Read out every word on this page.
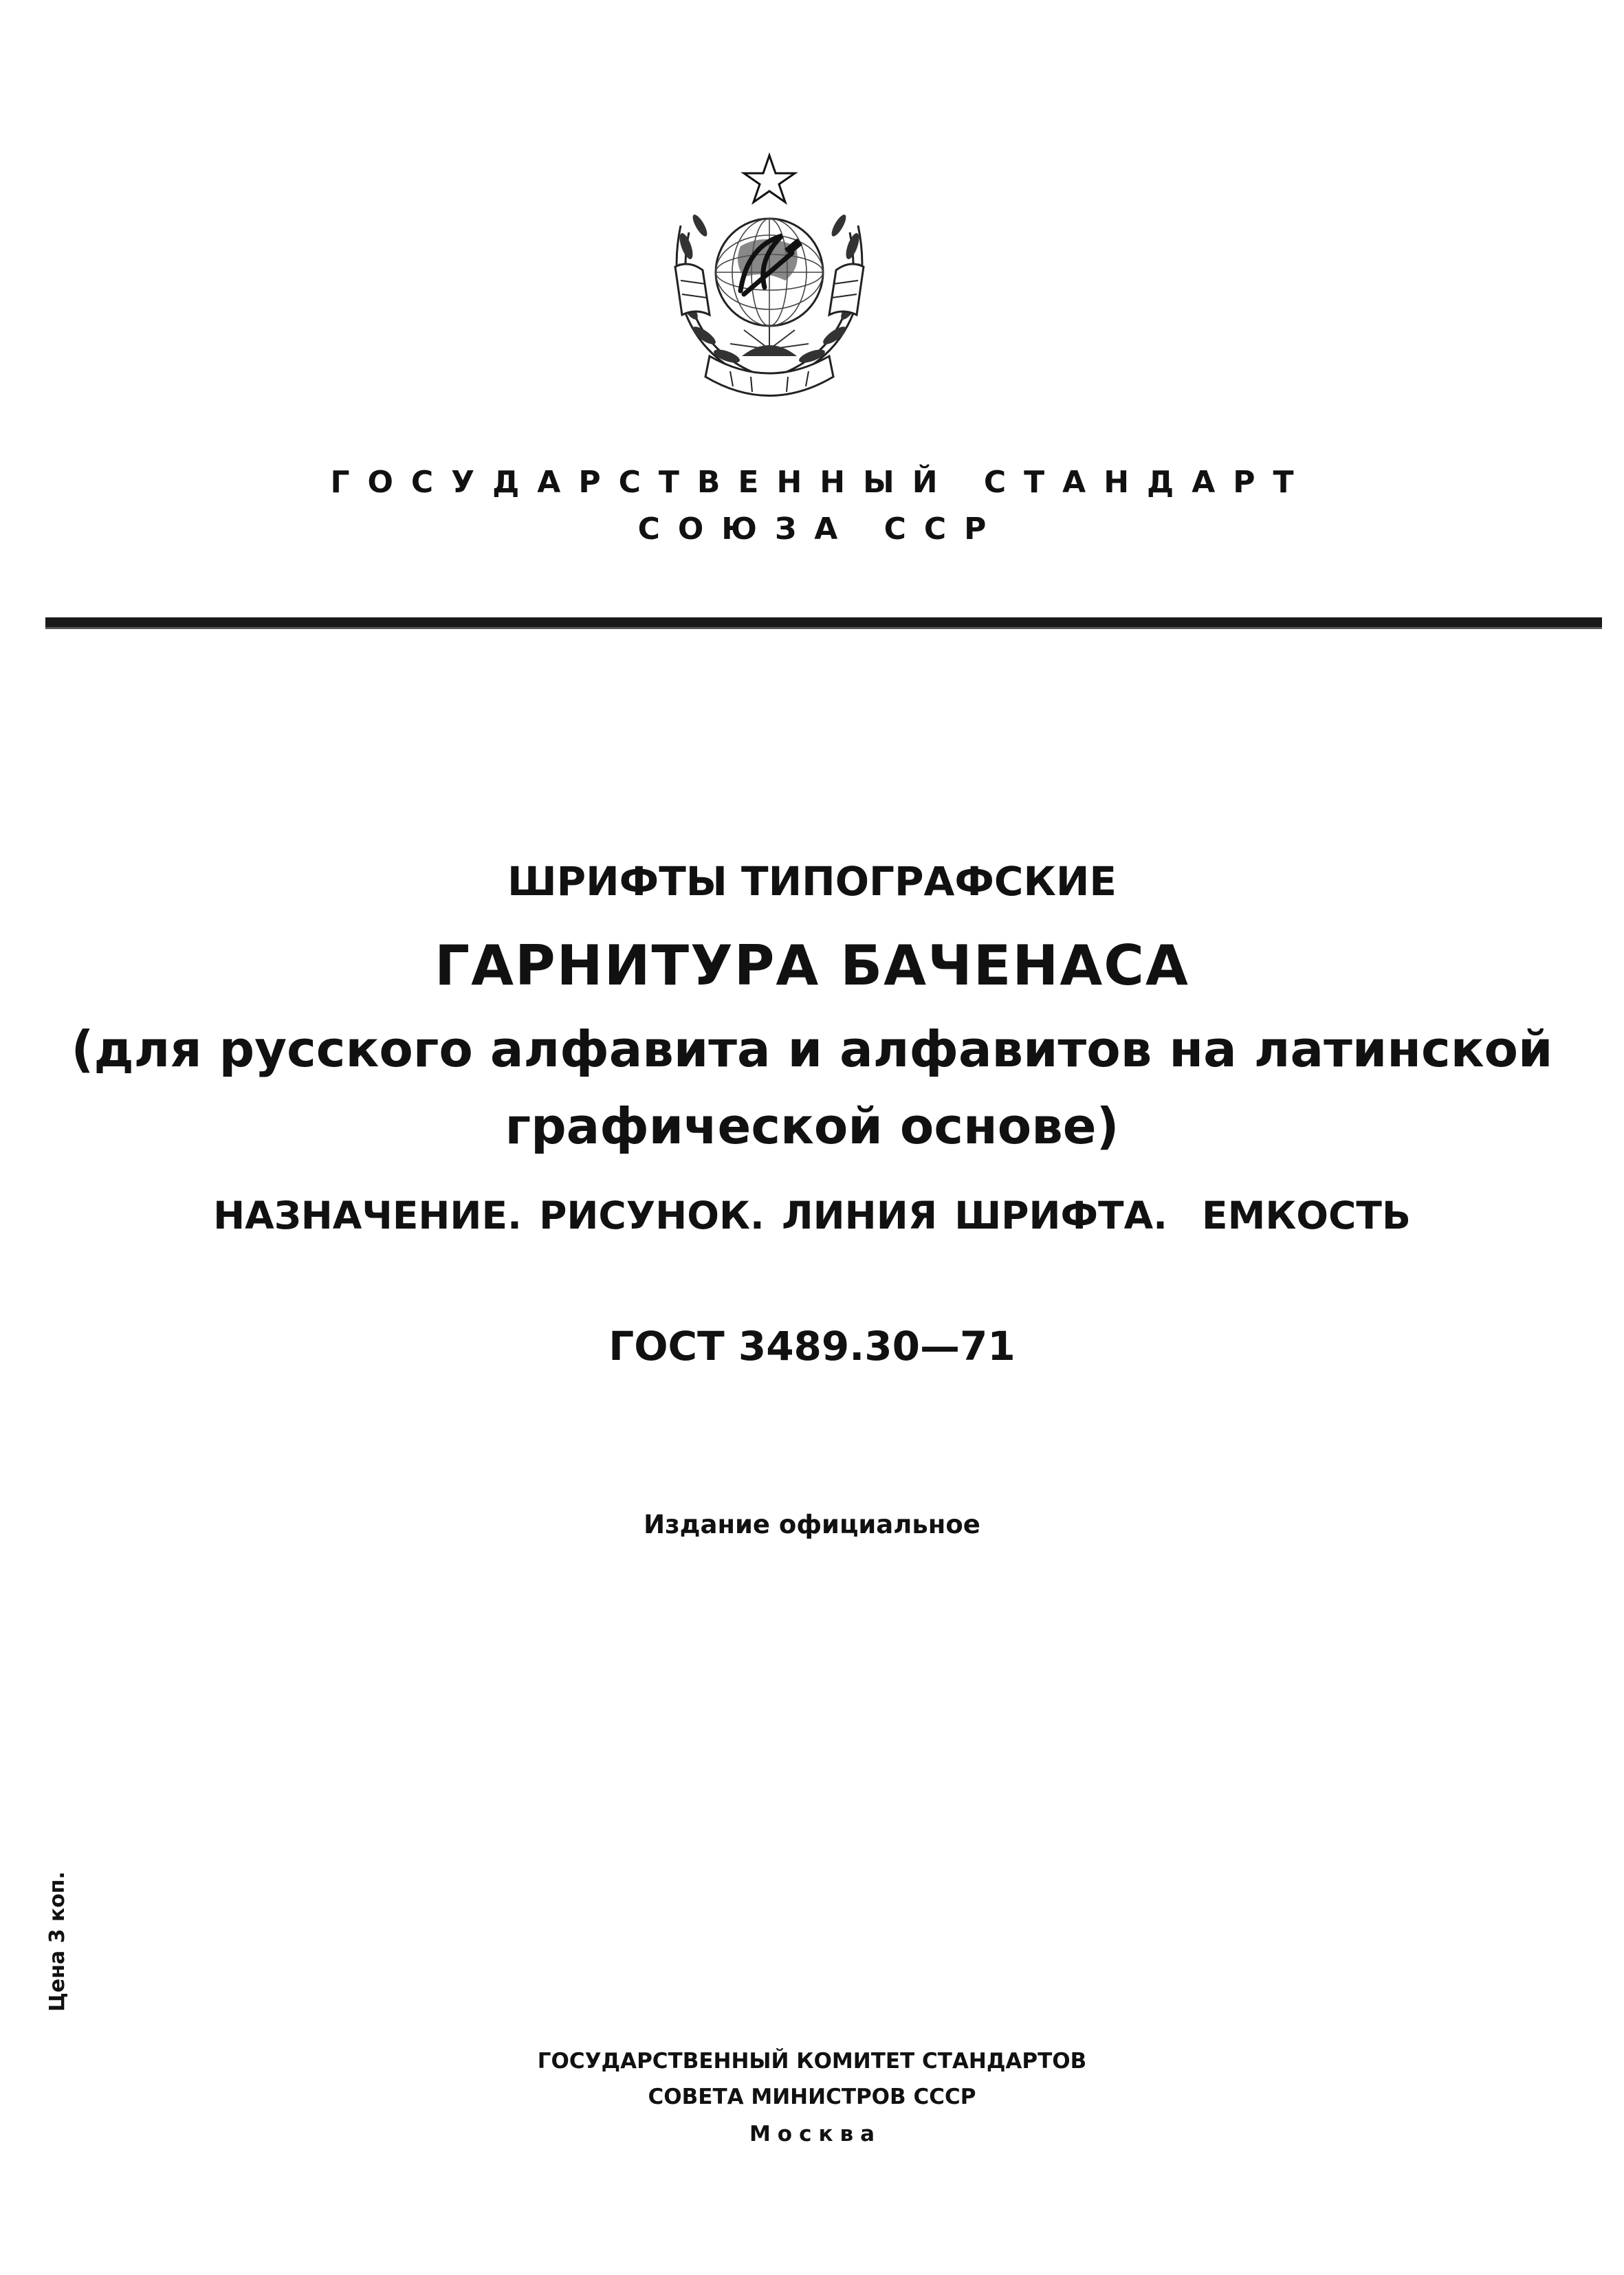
ГОСУДАРСТВЕННЫЙ СТАНДАРТ
СОЮЗА ССР
ШРИФТЫ ТИПОГРАФСКИЕ
ГАРНИТУРА БАЧЕНАСА
(для русского алфавита и алфавитов на латинской
графической основе)
НАЗНАЧЕНИЕ. РИСУНОК. ЛИНИЯ ШРИФТА. ЕМКОСТЬ
ГОСТ 3489.30—71
Издание официальное
Цена 3 коп.
ГОСУДАРСТВЕННЫЙ КОМИТЕТ СТАНДАРТОВ
СОВЕТА МИНИСТРОВ СССР
Москва
